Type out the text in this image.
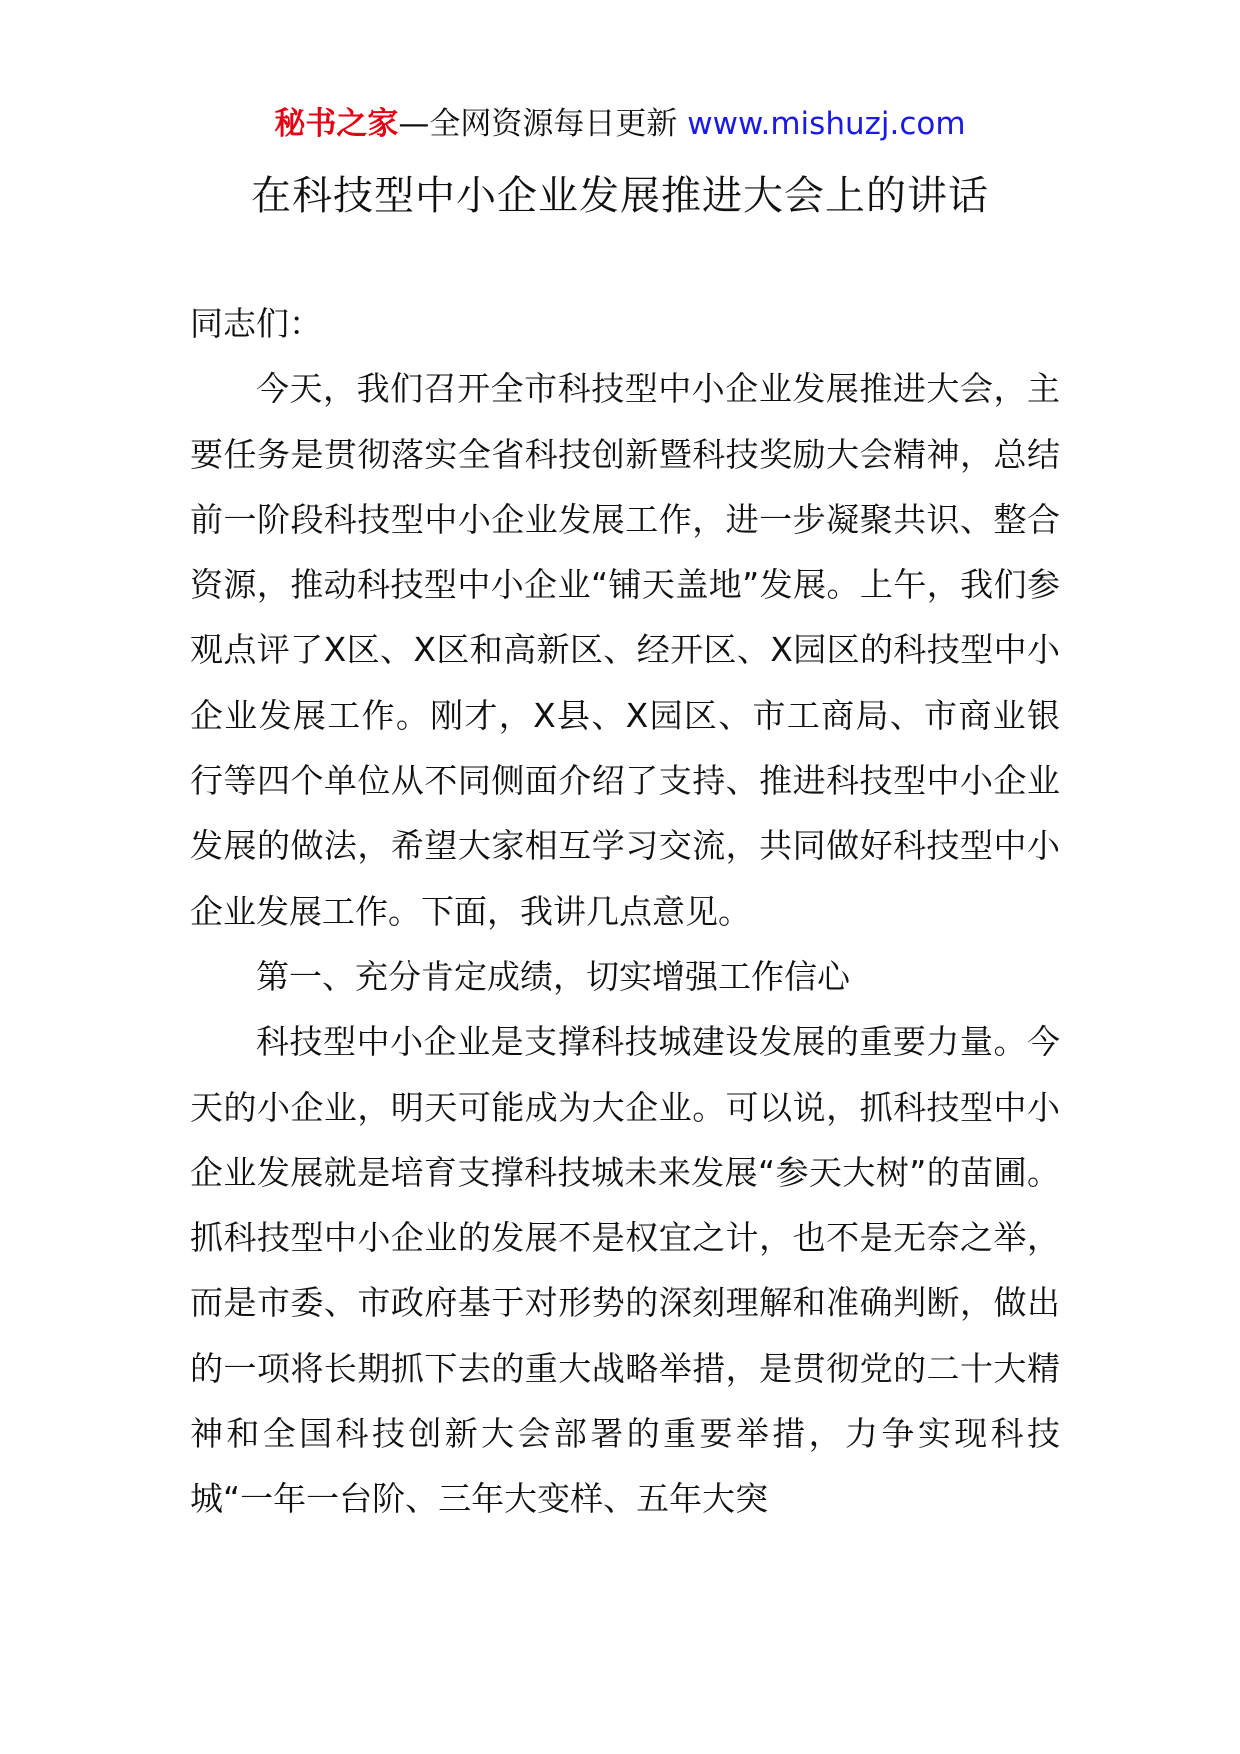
秘书之家—全网资源每日更新 www.mishuzj.com
在科技型中小企业发展推进大会上的讲话

同志们：

今天，我们召开全市科技型中小企业发展推进大会，主要任务是贯彻落实全省科技创新暨科技奖励大会精神，总结前一阶段科技型中小企业发展工作，进一步凝聚共识、整合资源，推动科技型中小企业“铺天盖地”发展。上午，我们参观点评了X区、X区和高新区、经开区、X园区的科技型中小企业发展工作。刚才，X县、X园区、市工商局、市商业银行等四个单位从不同侧面介绍了支持、推进科技型中小企业发展的做法，希望大家相互学习交流，共同做好科技型中小企业发展工作。下面，我讲几点意见。

第一、充分肯定成绩，切实增强工作信心

科技型中小企业是支撑科技城建设发展的重要力量。今天的小企业，明天可能成为大企业。可以说，抓科技型中小企业发展就是培育支撑科技城未来发展“参天大树”的苗圃。抓科技型中小企业的发展不是权宜之计，也不是无奈之举，而是市委、市政府基于对形势的深刻理解和准确判断，做出的一项将长期抓下去的重大战略举措，是贯彻党的二十大精神和全国科技创新大会部署的重要举措，力争实现科技城“一年一台阶、三年大变样、五年大突
